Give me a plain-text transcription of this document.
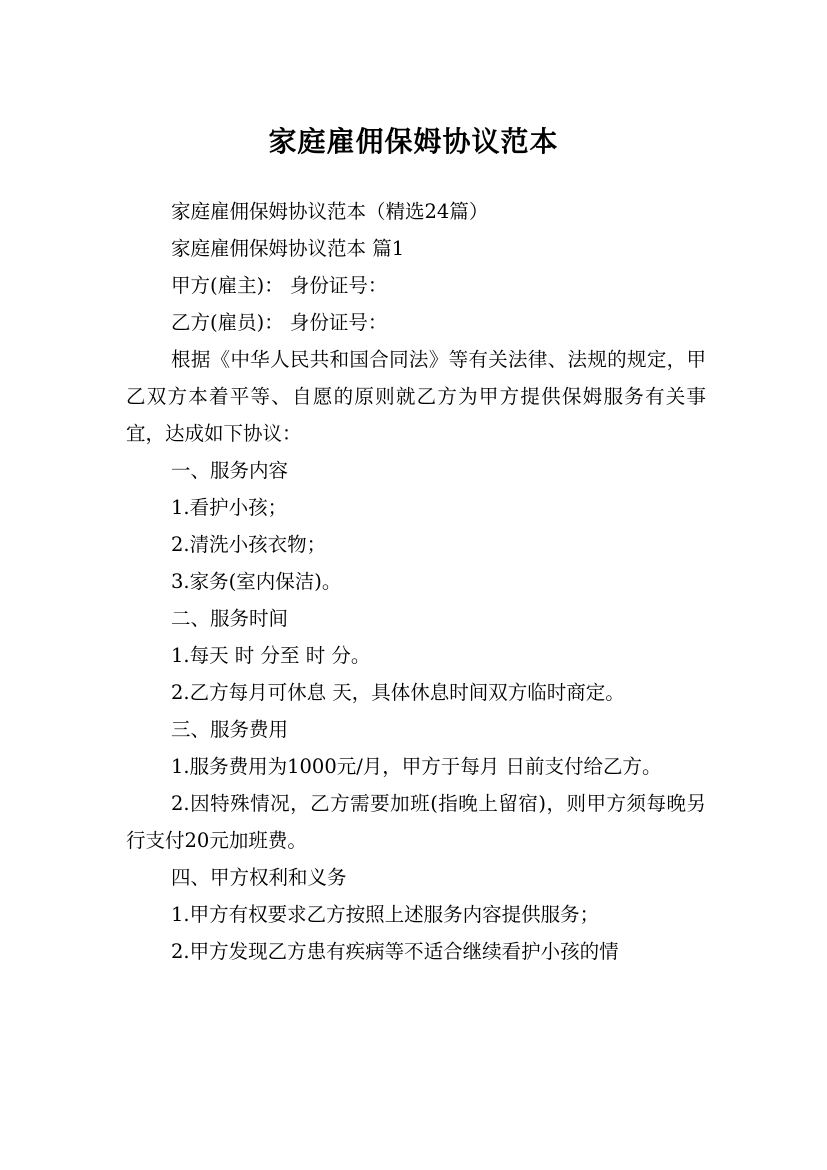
家庭雇佣保姆协议范本

家庭雇佣保姆协议范本（精选24篇）

家庭雇佣保姆协议范本 篇1

甲方(雇主)： 身份证号：

乙方(雇员)： 身份证号：

根据《中华人民共和国合同法》等有关法律、法规的规定，甲乙双方本着平等、自愿的原则就乙方为甲方提供保姆服务有关事宜，达成如下协议：

一、服务内容

1.看护小孩；

2.清洗小孩衣物；

3.家务(室内保洁)。

二、服务时间

1.每天 时 分至 时 分。

2.乙方每月可休息 天，具体休息时间双方临时商定。

三、服务费用

1.服务费用为1000元/月，甲方于每月 日前支付给乙方。

2.因特殊情况，乙方需要加班(指晚上留宿)，则甲方须每晚另行支付20元加班费。

四、甲方权利和义务

1.甲方有权要求乙方按照上述服务内容提供服务；

2.甲方发现乙方患有疾病等不适合继续看护小孩的情
